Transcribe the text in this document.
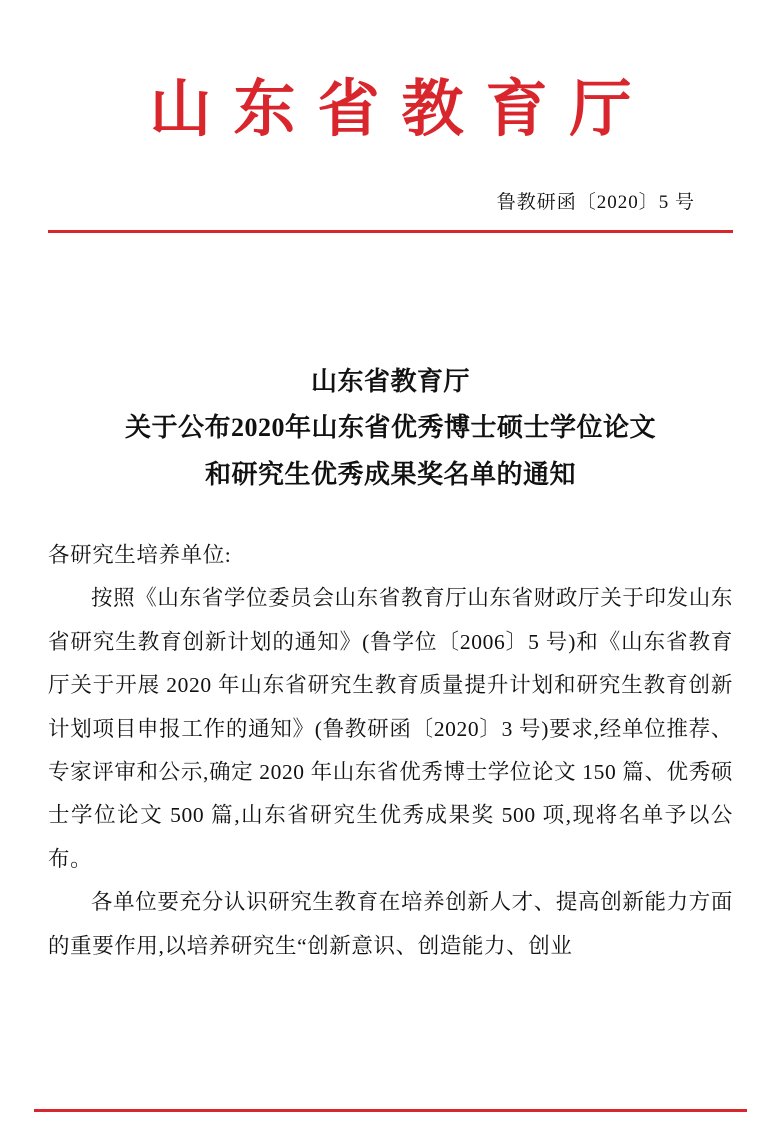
山东省教育厅
鲁教研函〔2020〕5 号
山东省教育厅
关于公布2020年山东省优秀博士硕士学位论文
和研究生优秀成果奖名单的通知

各研究生培养单位:

按照《山东省学位委员会山东省教育厅山东省财政厅关于印发山东省研究生教育创新计划的通知》(鲁学位〔2006〕5 号)和《山东省教育厅关于开展 2020 年山东省研究生教育质量提升计划和研究生教育创新计划项目申报工作的通知》(鲁教研函〔2020〕3 号)要求,经单位推荐、专家评审和公示,确定 2020 年山东省优秀博士学位论文 150 篇、优秀硕士学位论文 500 篇,山东省研究生优秀成果奖 500 项,现将名单予以公布。

各单位要充分认识研究生教育在培养创新人才、提高创新能力方面的重要作用,以培养研究生“创新意识、创造能力、创业
